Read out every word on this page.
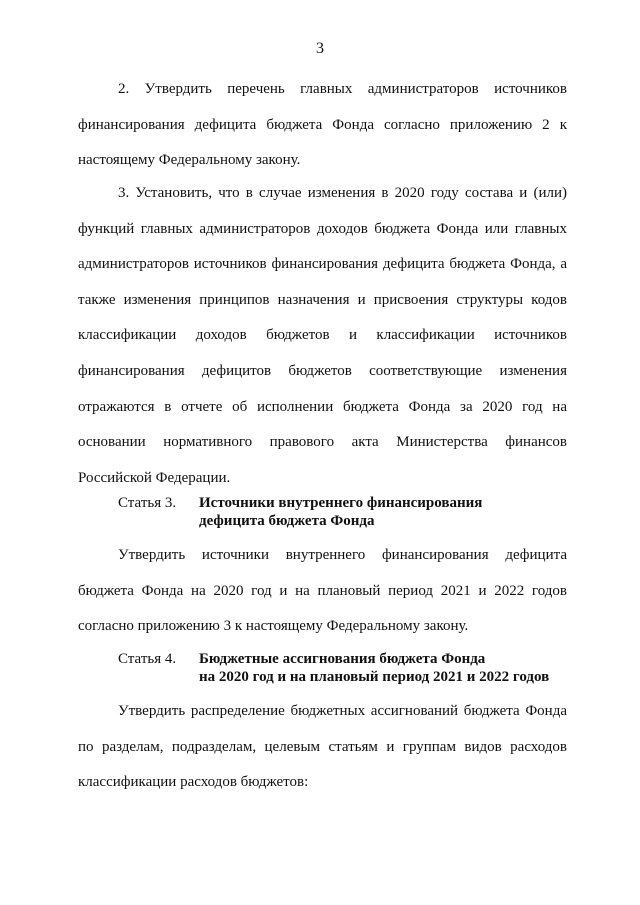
3

2. Утвердить перечень главных администраторов источников финансирования дефицита бюджета Фонда согласно приложению 2 к настоящему Федеральному закону.

3. Установить, что в случае изменения в 2020 году состава и (или) функций главных администраторов доходов бюджета Фонда или главных администраторов источников финансирования дефицита бюджета Фонда, а также изменения принципов назначения и присвоения структуры кодов классификации доходов бюджетов и классификации источников финансирования дефицитов бюджетов соответствующие изменения отражаются в отчете об исполнении бюджета Фонда за 2020 год на основании нормативного правового акта Министерства финансов Российской Федерации.

Статья 3. Источники внутреннего финансирования
дефицита бюджета Фонда

Утвердить источники внутреннего финансирования дефицита бюджета Фонда на 2020 год и на плановый период 2021 и 2022 годов согласно приложению 3 к настоящему Федеральному закону.

Статья 4. Бюджетные ассигнования бюджета Фонда
на 2020 год и на плановый период 2021 и 2022 годов

Утвердить распределение бюджетных ассигнований бюджета Фонда по разделам, подразделам, целевым статьям и группам видов расходов классификации расходов бюджетов:
